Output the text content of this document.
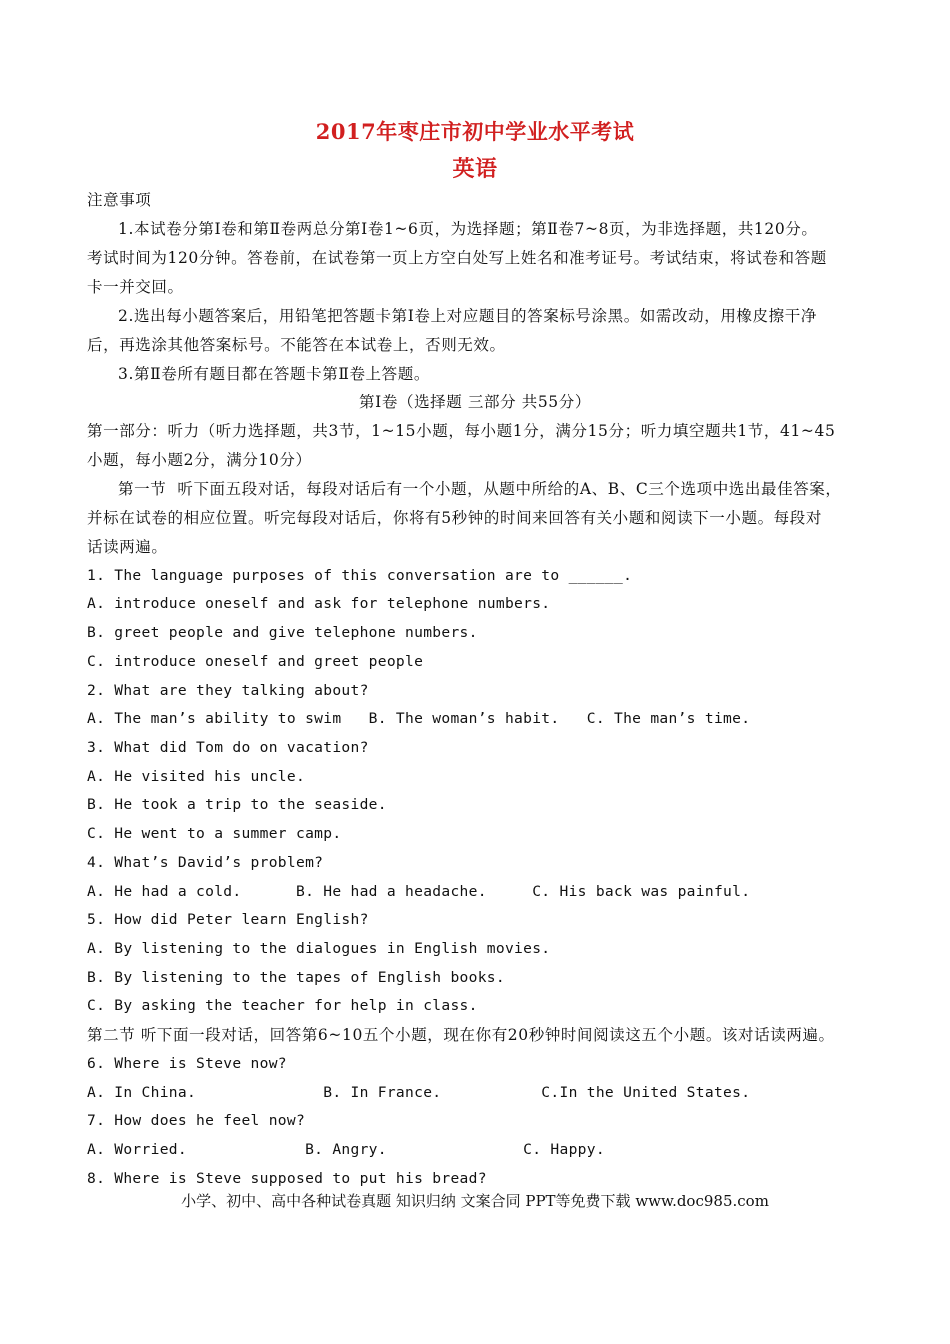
2017年枣庄市初中学业水平考试
英语
注意事项
1.本试卷分第Ⅰ卷和第Ⅱ卷两总分第Ⅰ卷1~6页，为选择题；第Ⅱ卷7~8页，为非选择题，共120分。
考试时间为120分钟。答卷前，在试卷第一页上方空白处写上姓名和准考证号。考试结束，将试卷和答题
卡一并交回。
2.选出每小题答案后，用铅笔把答题卡第Ⅰ卷上对应题目的答案标号涂黑。如需改动，用橡皮擦干净
后，再选涂其他答案标号。不能答在本试卷上，否则无效。
3.第Ⅱ卷所有题目都在答题卡第Ⅱ卷上答题。
第Ⅰ卷（选择题 三部分 共55分）
第一部分：听力（听力选择题，共3节，1~15小题，每小题1分，满分15分；听力填空题共1节，41~45
小题，每小题2分，满分10分）
第一节  听下面五段对话，每段对话后有一个小题，从题中所给的A、B、C三个选项中选出最佳答案，
并标在试卷的相应位置。听完每段对话后，你将有5秒钟的时间来回答有关小题和阅读下一小题。每段对
话读两遍。
1. The language purposes of this conversation are to ______.
A. introduce oneself and ask for telephone numbers.
B. greet people and give telephone numbers.
C. introduce oneself and greet people
2. What are they talking about?
A. The man’s ability to swim   B. The woman’s habit.   C. The man’s time.
3. What did Tom do on vacation?
A. He visited his uncle.
B. He took a trip to the seaside.
C. He went to a summer camp.
4. What’s David’s problem?
A. He had a cold.      B. He had a headache.     C. His back was painful.
5. How did Peter learn English?
A. By listening to the dialogues in English movies.
B. By listening to the tapes of English books.
C. By asking the teacher for help in class.
第二节 听下面一段对话，回答第6~10五个小题，现在你有20秒钟时间阅读这五个小题。该对话读两遍。
6. Where is Steve now?
A. In China.              B. In France.           C.In the United States.
7. How does he feel now?
A. Worried.             B. Angry.               C. Happy.
8. Where is Steve supposed to put his bread?
小学、初中、高中各种试卷真题 知识归纳 文案合同 PPT等免费下载 www.doc985.com
